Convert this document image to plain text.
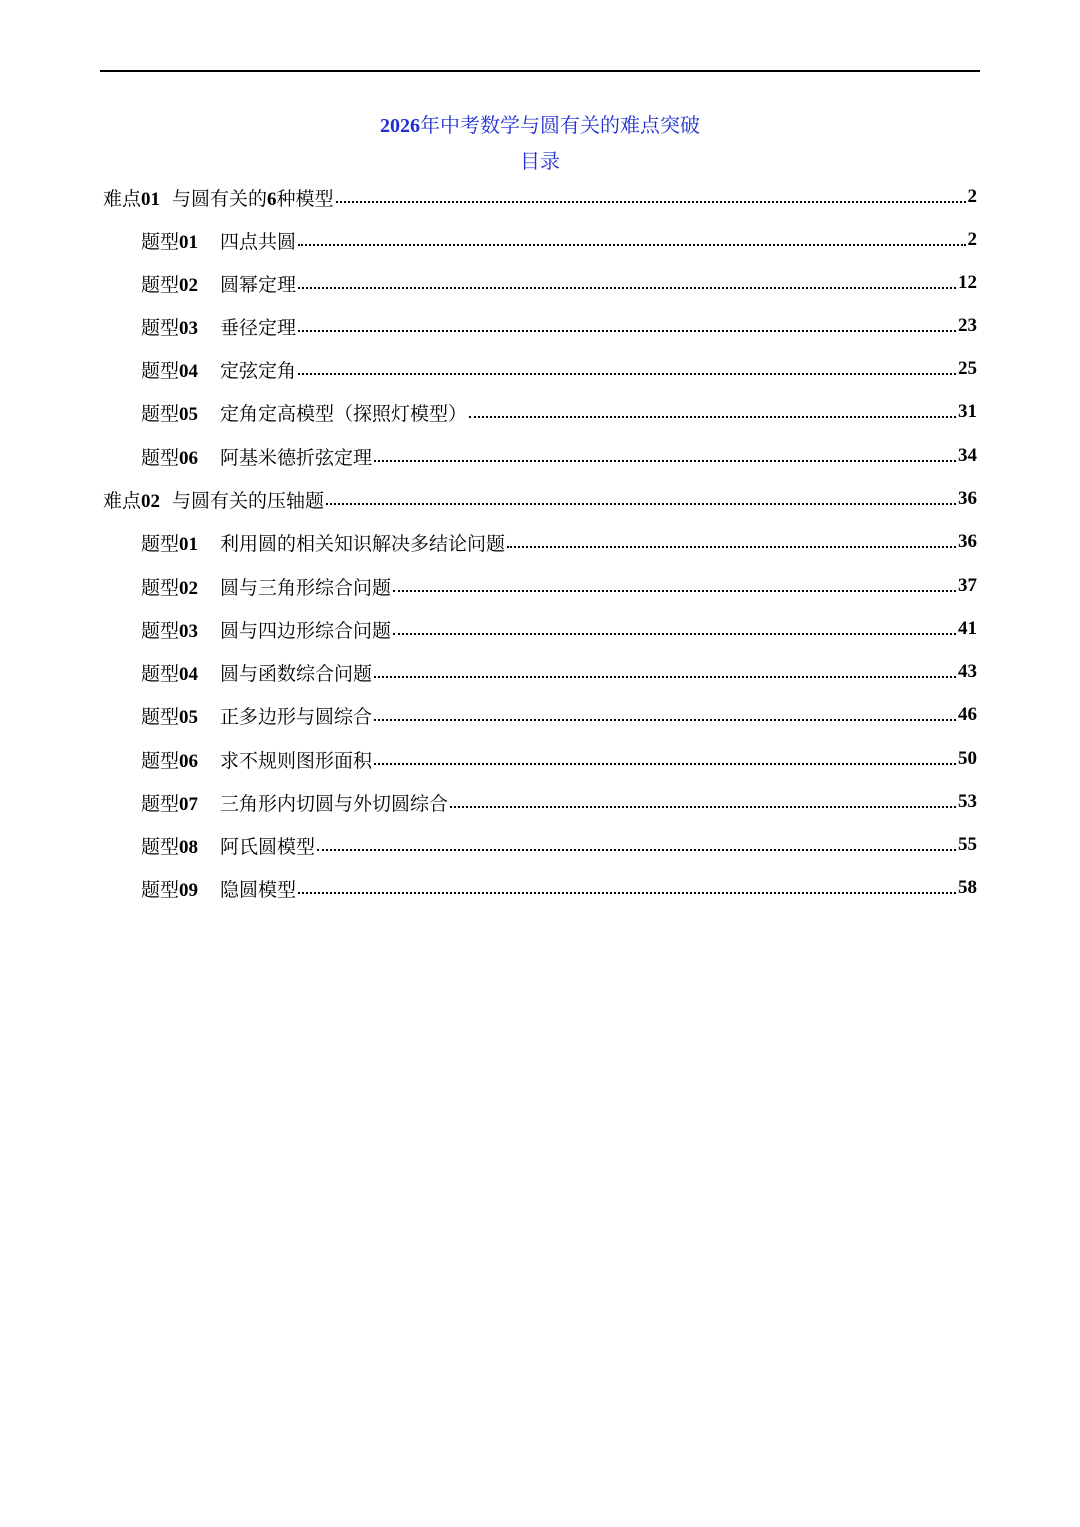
2026年中考数学与圆有关的难点突破
目录
难点01 与圆有关的6种模型	2
题型01 四点共圆	2
题型02 圆幂定理	12
题型03 垂径定理	23
题型04 定弦定角	25
题型05 定角定高模型（探照灯模型）	31
题型06 阿基米德折弦定理	34
难点02 与圆有关的压轴题	36
题型01 利用圆的相关知识解决多结论问题	36
题型02 圆与三角形综合问题	37
题型03 圆与四边形综合问题	41
题型04 圆与函数综合问题	43
题型05 正多边形与圆综合	46
题型06 求不规则图形面积	50
题型07 三角形内切圆与外切圆综合	53
题型08 阿氏圆模型	55
题型09 隐圆模型	58
